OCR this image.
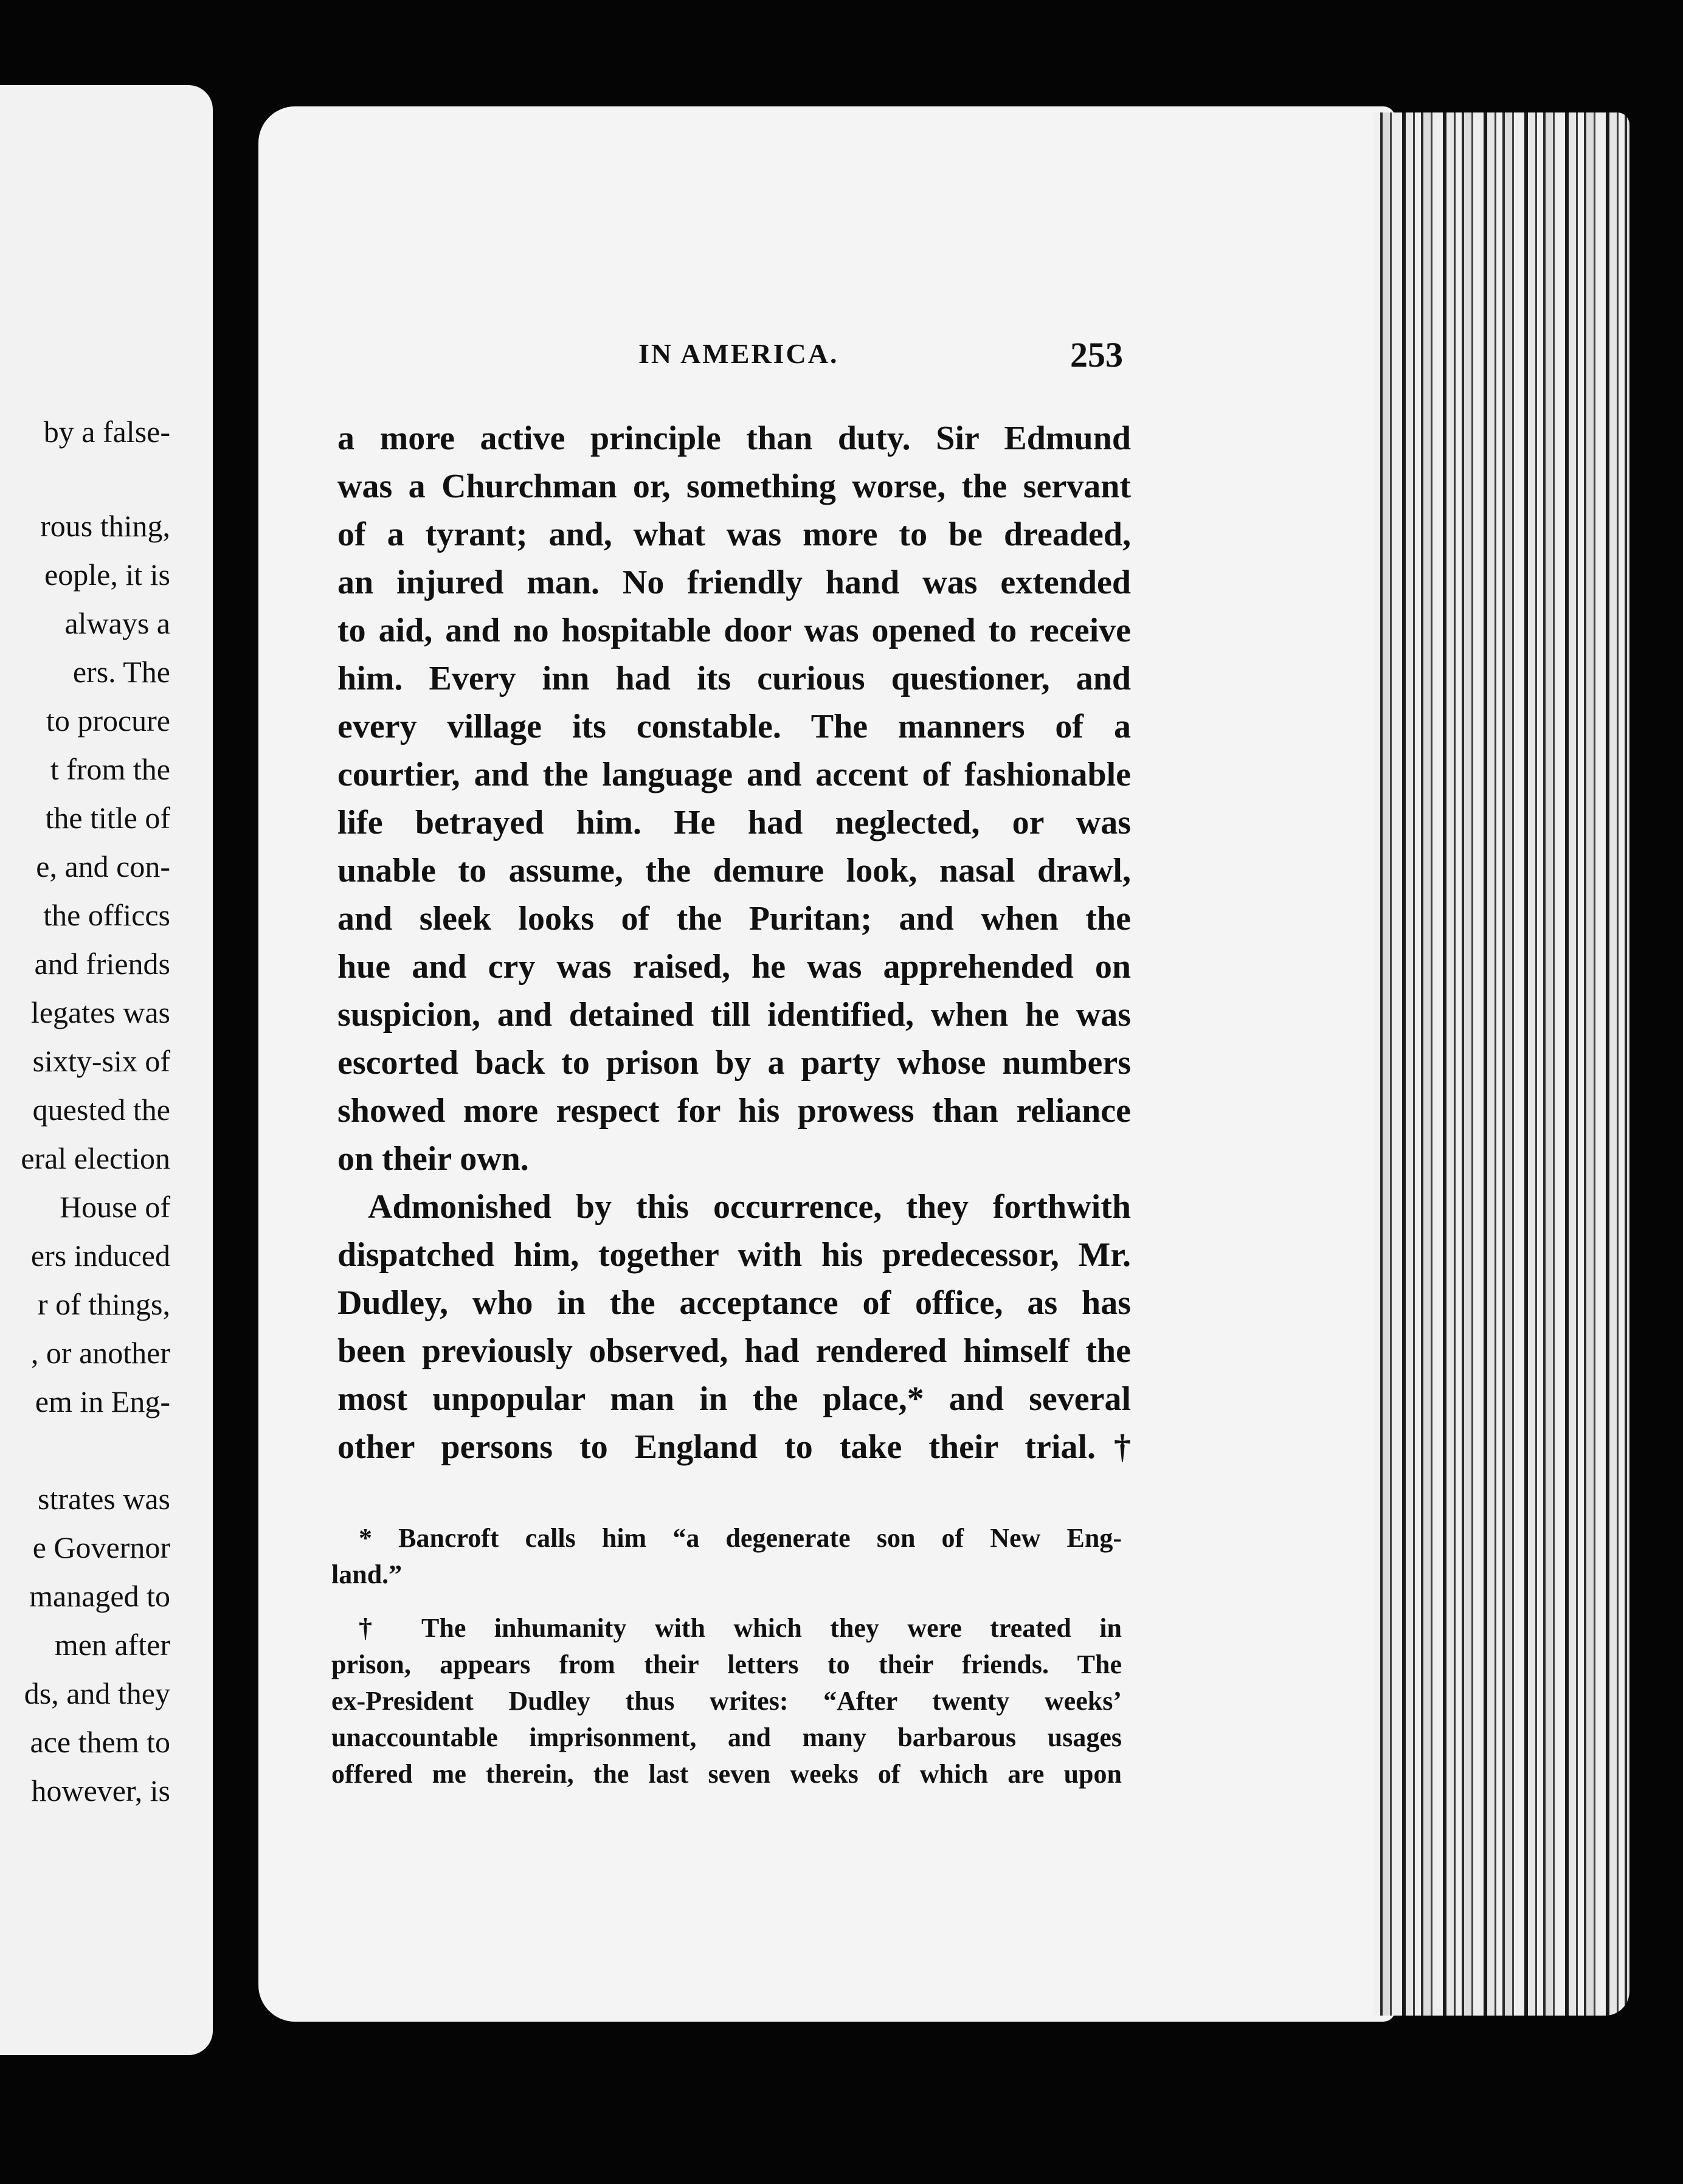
by a false-
rous thing,
eople, it is
always a
ers. The
to procure
t from the
the title of
e, and con-
the officcs
and friends
legates was
sixty-six of
quested the
eral election
House of
ers induced
r of things,
, or another
em in Eng-
strates was
e Governor
managed to
men after
ds, and they
ace them to
however, is
IN AMERICA.	253
a more active principle than duty. Sir Edmund
was a Churchman or, something worse, the servant
of a tyrant; and, what was more to be dreaded,
an injured man. No friendly hand was extended
to aid, and no hospitable door was opened to receive
him. Every inn had its curious questioner, and
every village its constable. The manners of a
courtier, and the language and accent of fashionable
life betrayed him. He had neglected, or was
unable to assume, the demure look, nasal drawl,
and sleek looks of the Puritan; and when the
hue and cry was raised, he was apprehended on
suspicion, and detained till identified, when he was
escorted back to prison by a party whose numbers
showed more respect for his prowess than reliance
on their own.
Admonished by this occurrence, they forthwith
dispatched him, together with his predecessor, Mr.
Dudley, who in the acceptance of office, as has
been previously observed, had rendered himself the
most unpopular man in the place,* and several
other persons to England to take their trial.†
* Bancroft calls him “a degenerate son of New Eng-
land.”
† The inhumanity with which they were treated in
prison, appears from their letters to their friends. The
ex-President Dudley thus writes: “After twenty weeks’
unaccountable imprisonment, and many barbarous usages
offered me therein, the last seven weeks of which are upon
